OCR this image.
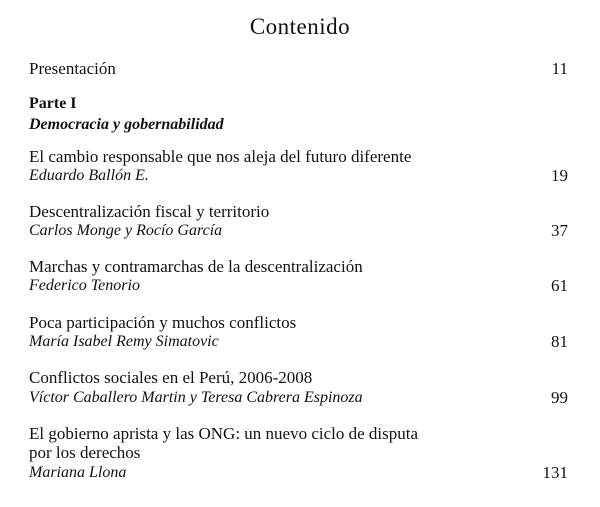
Contenido
Presentación	11
Parte I
Democracia y gobernabilidad
El cambio responsable que nos aleja del futuro diferente
Eduardo Ballón E.	19
Descentralización fiscal y territorio
Carlos Monge y Rocío García	37
Marchas y contramarchas de la descentralización
Federico Tenorio	61
Poca participación y muchos conflictos
María Isabel Remy Simatovic	81
Conflictos sociales en el Perú, 2006-2008
Víctor Caballero Martin y Teresa Cabrera Espinoza	99
El gobierno aprista y las ONG: un nuevo ciclo de disputa
por los derechos
Mariana Llona	131
